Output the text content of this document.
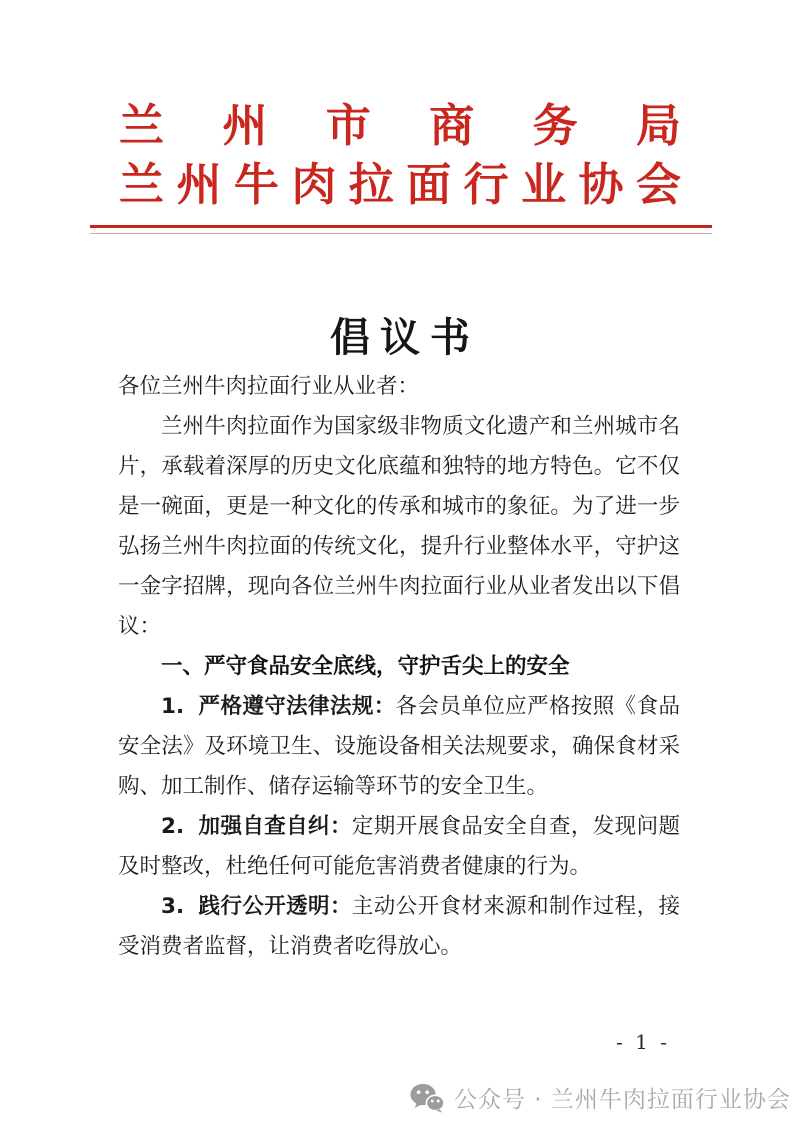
兰州市商务局
兰州牛肉拉面行业协会
倡议书

各位兰州牛肉拉面行业从业者：

兰州牛肉拉面作为国家级非物质文化遗产和兰州城市名片，承载着深厚的历史文化底蕴和独特的地方特色。它不仅是一碗面，更是一种文化的传承和城市的象征。为了进一步弘扬兰州牛肉拉面的传统文化，提升行业整体水平，守护这一金字招牌，现向各位兰州牛肉拉面行业从业者发出以下倡议：

一、严守食品安全底线，守护舌尖上的安全

1. 严格遵守法律法规：各会员单位应严格按照《食品安全法》及环境卫生、设施设备相关法规要求，确保食材采购、加工制作、储存运输等环节的安全卫生。

2. 加强自查自纠：定期开展食品安全自查，发现问题及时整改，杜绝任何可能危害消费者健康的行为。

3. 践行公开透明：主动公开食材来源和制作过程，接受消费者监督，让消费者吃得放心。

- 1 -
公众号 · 兰州牛肉拉面行业协会
